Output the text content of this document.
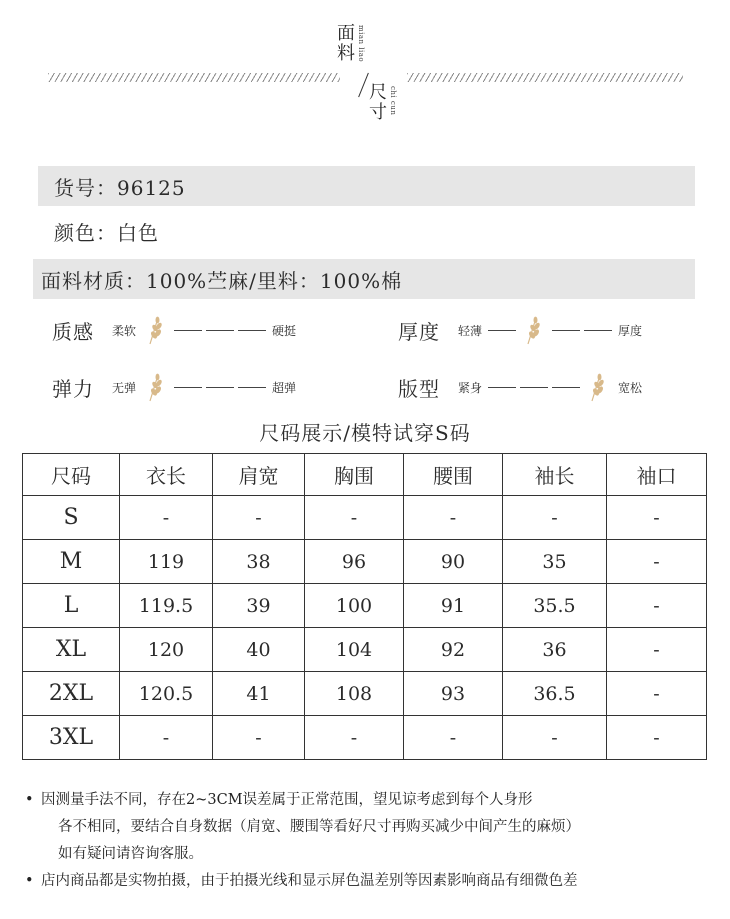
面
料 mian liao
尺
寸 chi cun
货号：96125
颜色：白色
面料材质：100%苎麻/里料：100%棉
质感	柔软	硬挺	厚度	轻薄	厚度
弹力	无弹	超弹	版型	紧身	宽松
尺码展示/模特试穿S码
尺码	衣长	肩宽	胸围	腰围	袖长	袖口
S	-	-	-	-	-	-
M	119	38	96	90	35	-
L	119.5	39	100	91	35.5	-
XL	120	40	104	92	36	-
2XL	120.5	41	108	93	36.5	-
3XL	-	-	-	-	-	-
• 因测量手法不同，存在2~3CM误差属于正常范围，望见谅考虑到每个人身形
各不相同，要结合自身数据（肩宽、腰围等看好尺寸再购买减少中间产生的麻烦）
如有疑问请咨询客服。
• 店内商品都是实物拍摄，由于拍摄光线和显示屏色温差别等因素影响商品有细微色差
